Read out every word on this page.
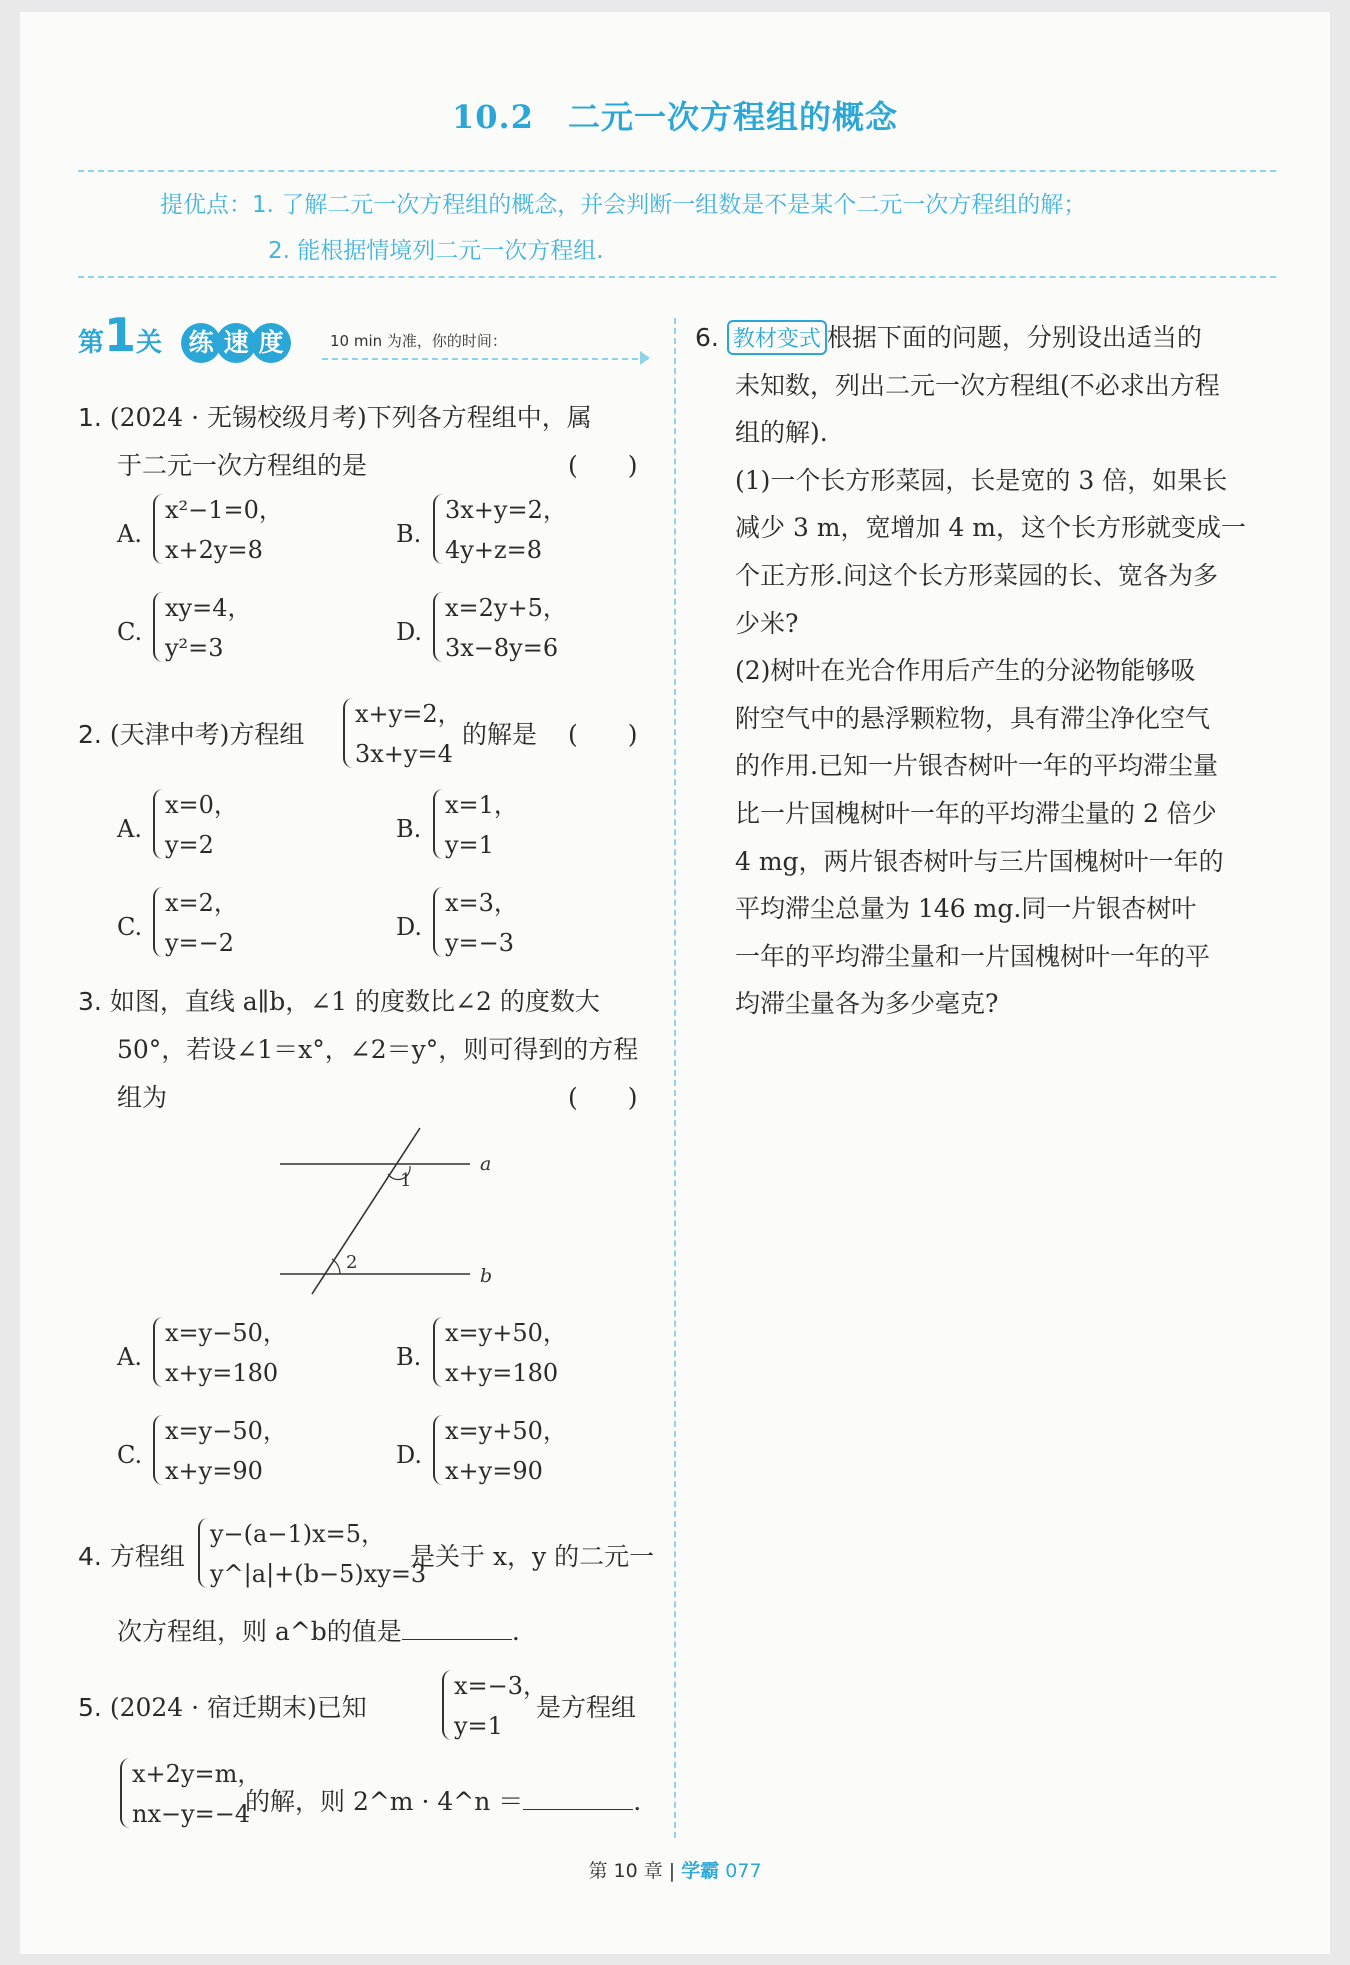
10.2 二元一次方程组的概念
提优点：1. 了解二元一次方程组的概念，并会判断一组数是不是某个二元一次方程组的解；
2. 能根据情境列二元一次方程组.
第1关 练 速 度	10 min 为准，你的时间：
1. (2024 · 无锡校级月考)下列各方程组中，属
于二元一次方程组的是	(　　)
A.
x²−1=0，
x+2y=8
B.
3x+y=2，
4y+z=8
C.
xy=4，
y²=3
D.
x=2y+5，
3x−8y=6
2. (天津中考)方程组
x+y=2，
3x+y=4
的解是 (　　)
A.
x=0，
y=2
B.
x=1，
y=1
C.
x=2，
y=−2
D.
x=3，
y=−3
3. 如图，直线 a∥b，∠1 的度数比∠2 的度数大
50°，若设∠1＝x°，∠2＝y°，则可得到的方程
组为	(　　)
a
b
1
2
A.
x=y−50，
x+y=180
B.
x=y+50，
x+y=180
C.
x=y−50，
x+y=90
D.
x=y+50，
x+y=90
4. 方程组
y−(a−1)x=5，
y^|a|+(b−5)xy=3
是关于 x，y 的二元一
次方程组，则 a^b的值是	.
5. (2024 · 宿迁期末)已知
x=−3，
y=1
是方程组
x+2y=m，
nx−y=−4
的解，则 2^m · 4^n ＝	.
6. 教材变式 根据下面的问题，分别设出适当的
未知数，列出二元一次方程组(不必求出方程
组的解).
(1)一个长方形菜园，长是宽的 3 倍，如果长
减少 3 m，宽增加 4 m，这个长方形就变成一
个正方形.问这个长方形菜园的长、宽各为多
少米?
(2)树叶在光合作用后产生的分泌物能够吸
附空气中的悬浮颗粒物，具有滞尘净化空气
的作用.已知一片银杏树叶一年的平均滞尘量
比一片国槐树叶一年的平均滞尘量的 2 倍少
4 mg，两片银杏树叶与三片国槐树叶一年的
平均滞尘总量为 146 mg.同一片银杏树叶
一年的平均滞尘量和一片国槐树叶一年的平
均滞尘量各为多少毫克?
第 10 章 | 学霸 077
